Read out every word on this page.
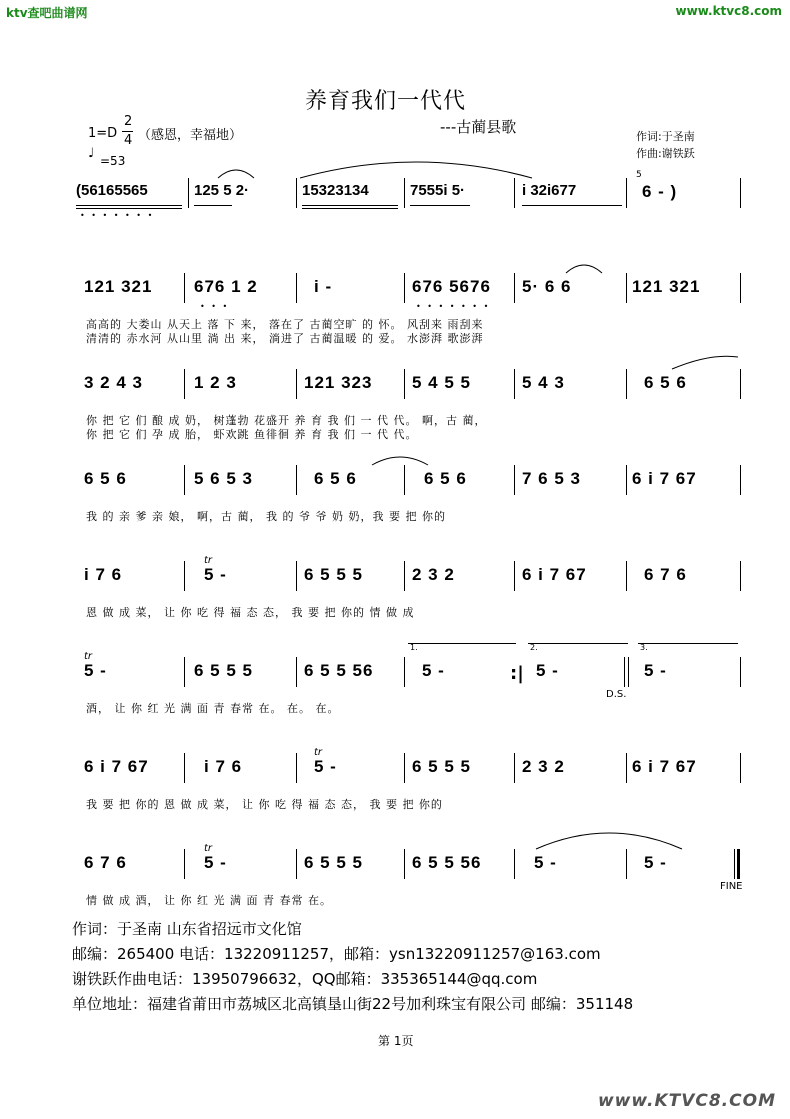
ktv查吧曲谱网	www.ktvc8.com
养育我们一代代
---古蔺县歌
1=D
2
4 （感恩，幸福地）
♩ =53
作词:于圣南
作曲:谢铁跃
(56165565	125 5 2·	15323134	7555i 5·	i 32i677
5
6 - )
• • • • • • •
121 321 676 1 2	i -	676 5676 5· 6 6	121 321
• • •	• • • • • • •
高高的 大娄山 从天上 落 下 来， 落在了 古蔺空旷 的 怀。 风刮来 雨刮来
清清的 赤水河 从山里 淌 出 来， 淌进了 古蔺温暖 的 爱。 水澎湃 歌澎湃
3 2 4 3	1 2 3	121 323 5 4 5 5	5 4 3	6 5 6
你 把 它 们 酿 成 奶， 树蓬勃 花盛开 养 育 我 们 一 代 代。 啊，古 蔺，
你 把 它 们 孕 成 胎， 虾欢跳 鱼徘徊 养 育 我 们 一 代 代。
6 5 6	5 6 5 3	6 5 6	6 5 6	7 6 5 3	6 i 7 67
我 的 亲 爹 亲 娘， 啊，古 蔺， 我 的 爷 爷 奶 奶，我 要 把 你的
i 7 6
tr
5 -	6 5 5 5	2 3 2	6 i 7 67	6 7 6
恩 做 成 菜， 让 你 吃 得 福 态 态， 我 要 把 你的 情 做 成
tr
5 -	6 5 5 5	6 5 5 56
1.
5 -	:|
2.
5 -
D.S.
3.
5 -
酒， 让 你 红 光 满 面 青 春常 在。 在。 在。
6 i 7 67	i 7 6
tr
5 -	6 5 5 5	2 3 2	6 i 7 67
我 要 把 你的 恩 做 成 菜， 让 你 吃 得 福 态 态， 我 要 把 你的
6 7 6
tr
5 -	6 5 5 5	6 5 5 56	5 -	5 -
FINE
情 做 成 酒， 让 你 红 光 满 面 青 春常 在。
作词：于圣南 山东省招远市文化馆
邮编：265400 电话：13220911257，邮箱：ysn13220911257@163.com
谢铁跃作曲电话：13950796632，QQ邮箱：335365144@qq.com
单位地址：福建省莆田市荔城区北高镇垦山街22号加利珠宝有限公司 邮编：351148
第 1页
www.KTVC8.COM
